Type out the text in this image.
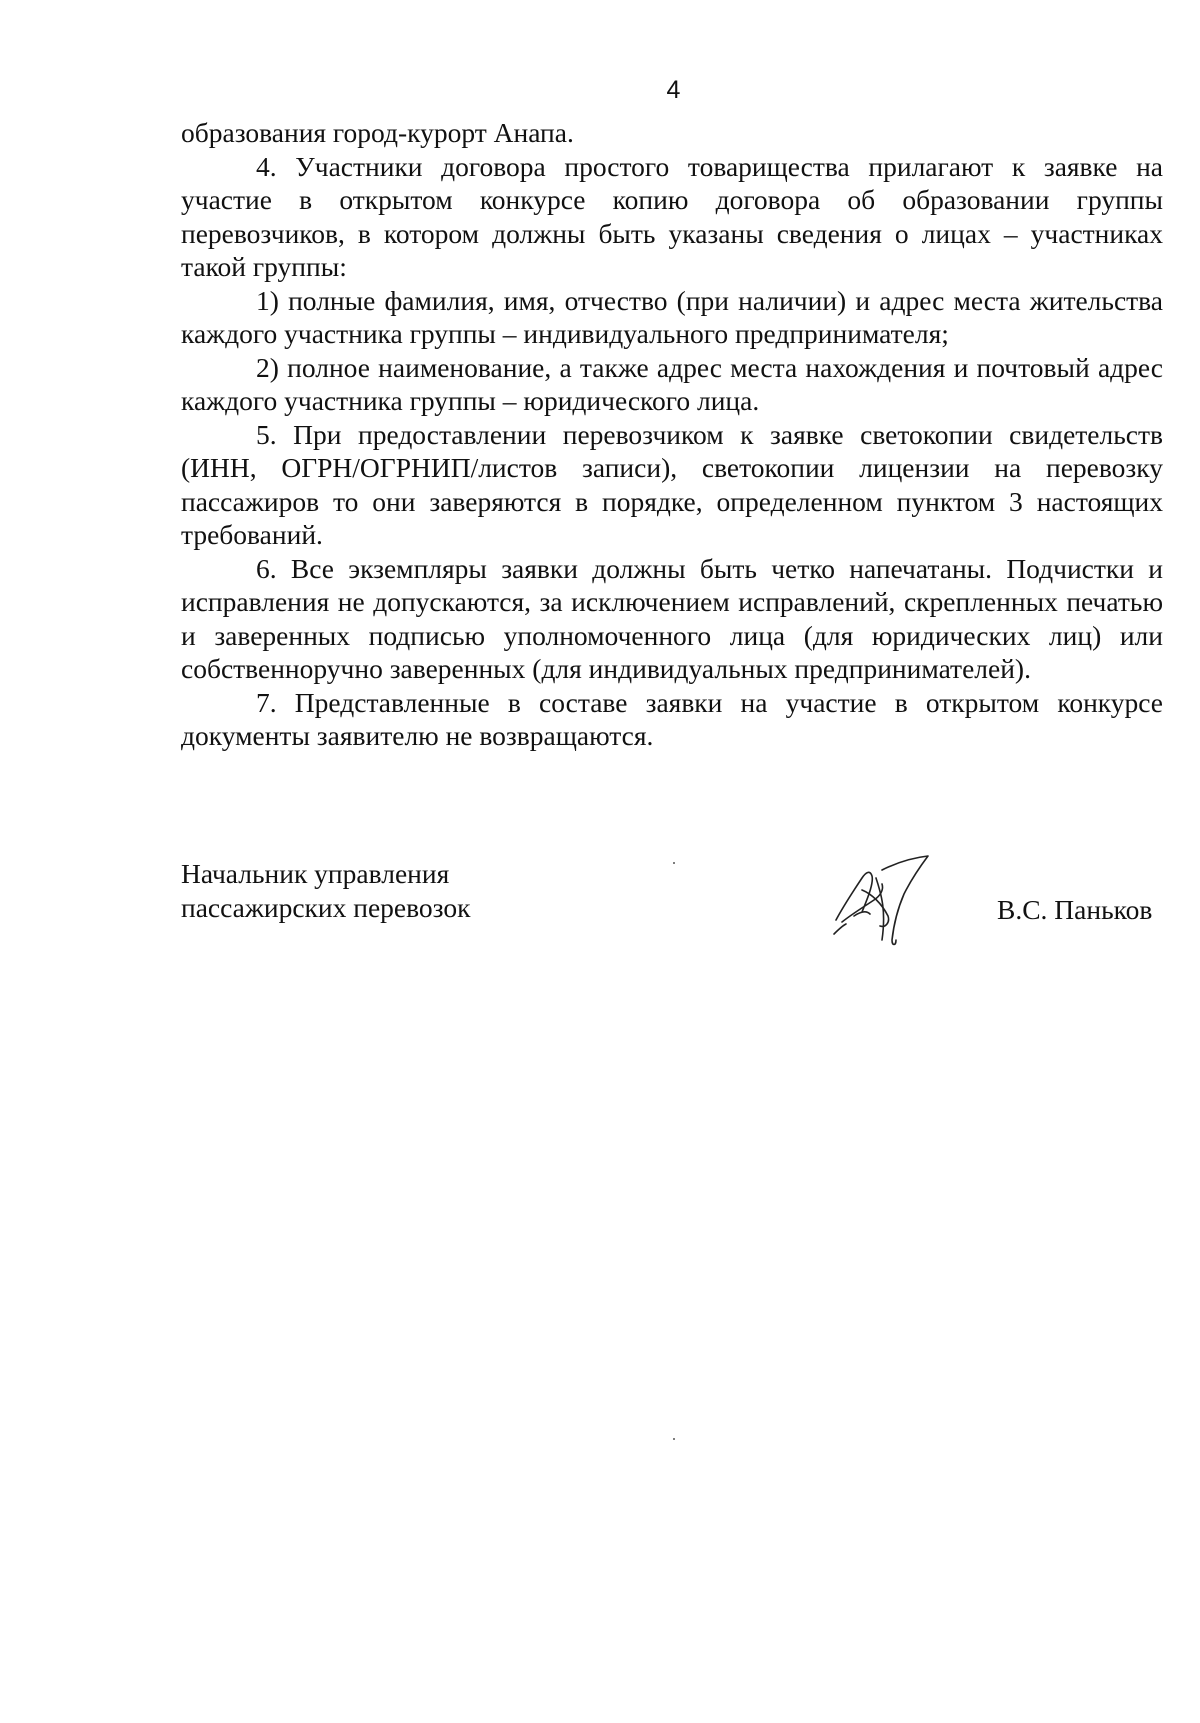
4

образования город-курорт Анапа.

4. Участники договора простого товарищества прилагают к заявке на участие в открытом конкурсе копию договора об образовании группы перевозчиков, в котором должны быть указаны сведения о лицах – участниках такой группы:

1) полные фамилия, имя, отчество (при наличии) и адрес места жительства каждого участника группы – индивидуального предпринимателя;

2) полное наименование, а также адрес места нахождения и почтовый адрес каждого участника группы – юридического лица.

5. При предоставлении перевозчиком к заявке светокопии свидетельств (ИНН, ОГРН/ОГРНИП/листов записи), светокопии лицензии на перевозку пассажиров то они заверяются в порядке, определенном пунктом 3 настоящих требований.

6. Все экземпляры заявки должны быть четко напечатаны. Подчистки и исправления не допускаются, за исключением исправлений, скрепленных печатью и заверенных подписью уполномоченного лица (для юридических лиц) или собственноручно заверенных (для индивидуальных предпринимателей).

7. Представленные в составе заявки на участие в открытом конкурсе документы заявителю не возвращаются.

Начальник управления
пассажирских перевозок	В.С. Паньков
